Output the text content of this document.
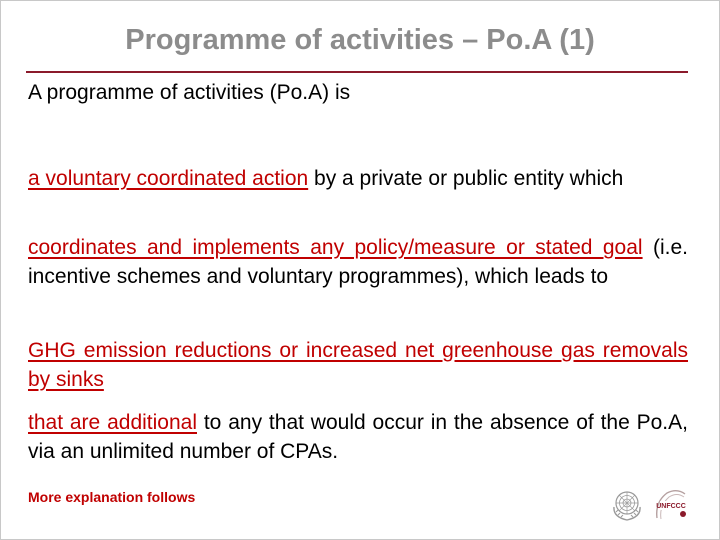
Programme of activities – Po.A (1)
A programme of activities (Po.A) is
a voluntary coordinated action by a private or public entity which
coordinates and implements any policy/measure or stated goal (i.e. incentive schemes and voluntary programmes), which leads to
GHG emission reductions or increased net greenhouse gas removals by sinks
that are additional to any that would occur in the absence of the Po.A, via an unlimited number of CPAs.
More explanation follows
UNFCCC
